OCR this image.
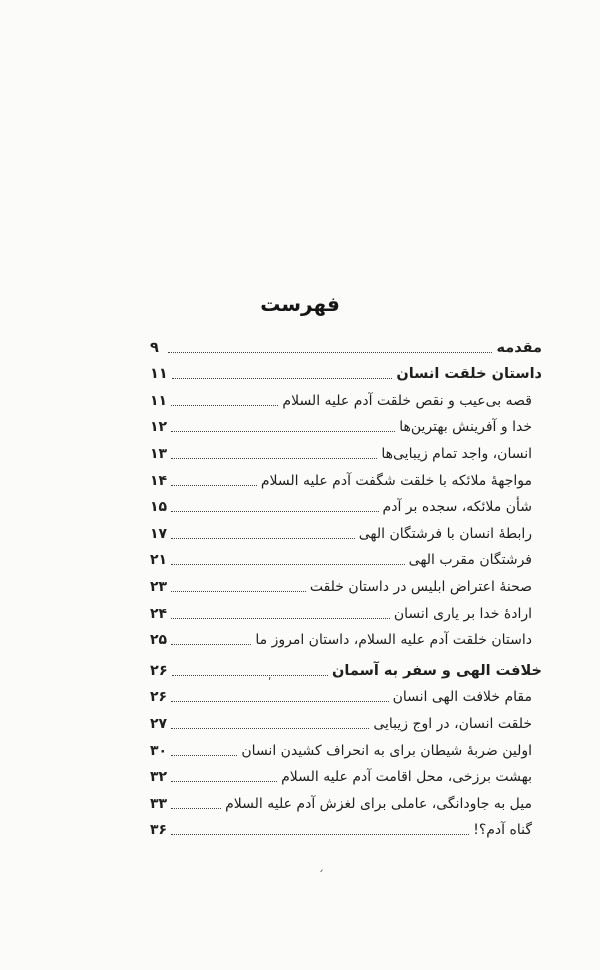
فهرست
مقدمه
۹
داستان خلقت انسان
۱۱
قصه بی‌عیب و نقص خلقت آدم علیه السلام
۱۱
خدا و آفرینش بهترین‌ها
۱۲
انسان، واجد تمام زیبایی‌ها
۱۳
مواجههٔ ملائکه با خلقت شگفت آدم علیه السلام
۱۴
شأن ملائکه، سجده بر آدم
۱۵
رابطهٔ انسان با فرشتگان الهی
۱۷
فرشتگان مقرب الهی
۲۱
صحنهٔ اعتراض ابلیس در داستان خلقت
۲۳
ارادهٔ خدا بر یاری انسان
۲۴
داستان خلقت آدم علیه السلام، داستان امروز ما
۲۵
خلافت الهی و سفر به آسمان
۲۶
مقام خلافت الهی انسان
۲۶
خلقت انسان، در اوج زیبایی
۲۷
اولین ضربهٔ شیطان برای به انحراف کشیدن انسان
۳۰
بهشت برزخی، محل اقامت آدم علیه السلام
۳۲
میل به جاودانگی، عاملی برای لغزش آدم علیه السلام
۳۳
گناه آدم؟!
۳۶
ʹ
ˏ
